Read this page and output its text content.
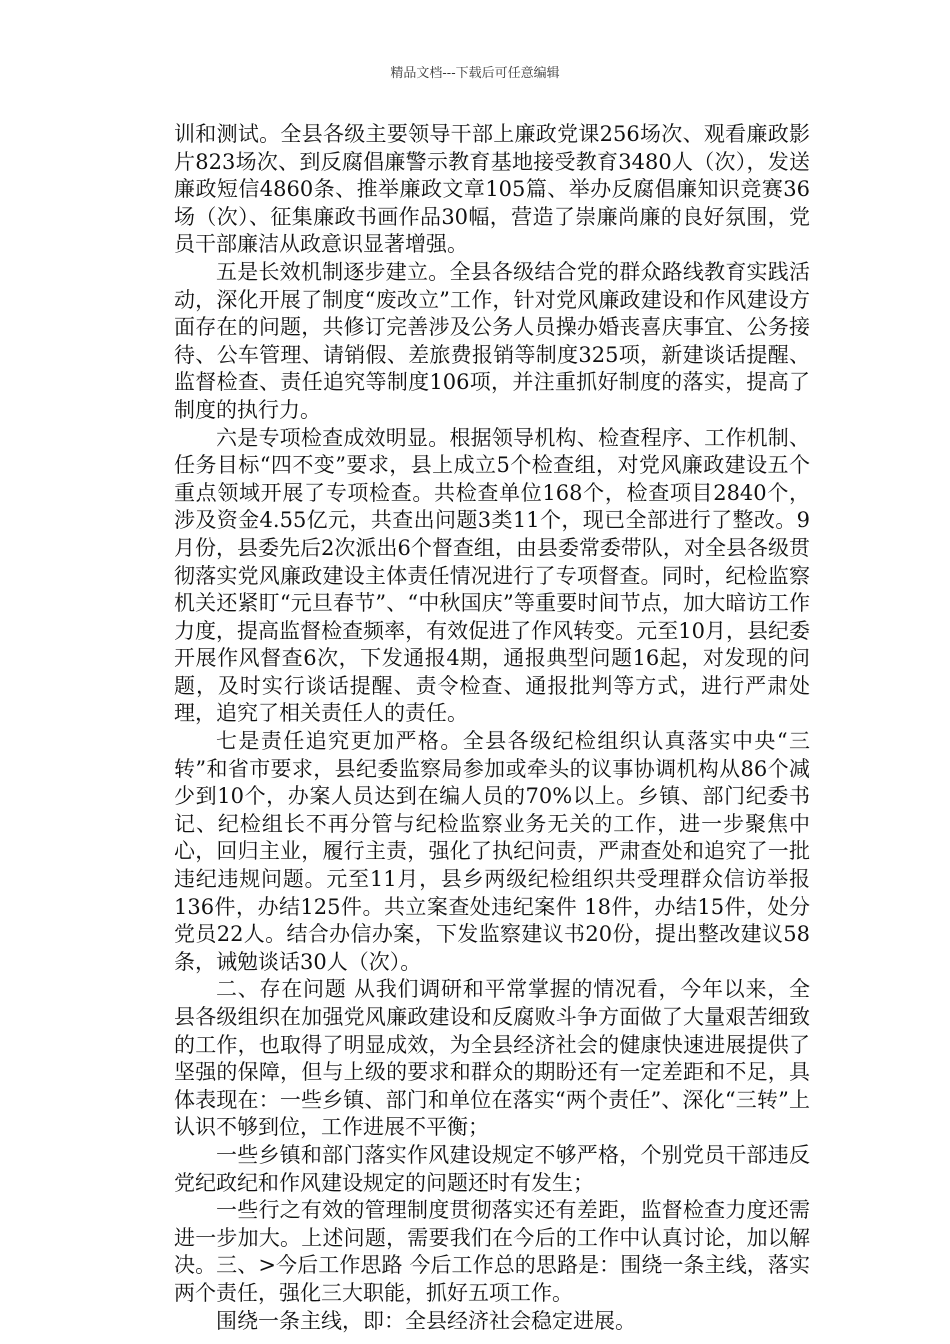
精品文档---下载后可任意编辑

训和测试。全县各级主要领导干部上廉政党课256场次、观看廉政影片823场次、到反腐倡廉警示教育基地接受教育3480人（次），发送廉政短信4860条、推举廉政文章105篇、举办反腐倡廉知识竞赛36场（次）、征集廉政书画作品30幅，营造了崇廉尚廉的良好氛围，党员干部廉洁从政意识显著增强。

五是长效机制逐步建立。全县各级结合党的群众路线教育实践活动，深化开展了制度“废改立”工作，针对党风廉政建设和作风建设方面存在的问题，共修订完善涉及公务人员操办婚丧喜庆事宜、公务接待、公车管理、请销假、差旅费报销等制度325项，新建谈话提醒、监督检查、责任追究等制度106项，并注重抓好制度的落实，提高了制度的执行力。

六是专项检查成效明显。根据领导机构、检查程序、工作机制、任务目标“四不变”要求，县上成立5个检查组，对党风廉政建设五个重点领域开展了专项检查。共检查单位168个，检查项目2840个，涉及资金4.55亿元，共查出问题3类11个，现已全部进行了整改。9月份，县委先后2次派出6个督查组，由县委常委带队，对全县各级贯彻落实党风廉政建设主体责任情况进行了专项督查。同时，纪检监察机关还紧盯“元旦春节”、“中秋国庆”等重要时间节点，加大暗访工作力度，提高监督检查频率，有效促进了作风转变。元至10月，县纪委开展作风督查6次，下发通报4期，通报典型问题16起，对发现的问题，及时实行谈话提醒、责令检查、通报批判等方式，进行严肃处理，追究了相关责任人的责任。

七是责任追究更加严格。全县各级纪检组织认真落实中央“三转”和省市要求，县纪委监察局参加或牵头的议事协调机构从86个减少到10个，办案人员达到在编人员的70%以上。乡镇、部门纪委书记、纪检组长不再分管与纪检监察业务无关的工作，进一步聚焦中心，回归主业，履行主责，强化了执纪问责，严肃查处和追究了一批违纪违规问题。元至11月，县乡两级纪检组织共受理群众信访举报136件，办结125件。共立案查处违纪案件 18件，办结15件，处分党员22人。结合办信办案，下发监察建议书20份，提出整改建议58条，诫勉谈话30人（次）。

二、存在问题 从我们调研和平常掌握的情况看，今年以来，全县各级组织在加强党风廉政建设和反腐败斗争方面做了大量艰苦细致的工作，也取得了明显成效，为全县经济社会的健康快速进展提供了坚强的保障，但与上级的要求和群众的期盼还有一定差距和不足，具体表现在：一些乡镇、部门和单位在落实“两个责任”、深化“三转”上认识不够到位，工作进展不平衡；

一些乡镇和部门落实作风建设规定不够严格，个别党员干部违反党纪政纪和作风建设规定的问题还时有发生；

一些行之有效的管理制度贯彻落实还有差距，监督检查力度还需进一步加大。上述问题，需要我们在今后的工作中认真讨论，加以解决。三、>今后工作思路 今后工作总的思路是：围绕一条主线，落实两个责任，强化三大职能，抓好五项工作。

围绕一条主线，即：全县经济社会稳定进展。
